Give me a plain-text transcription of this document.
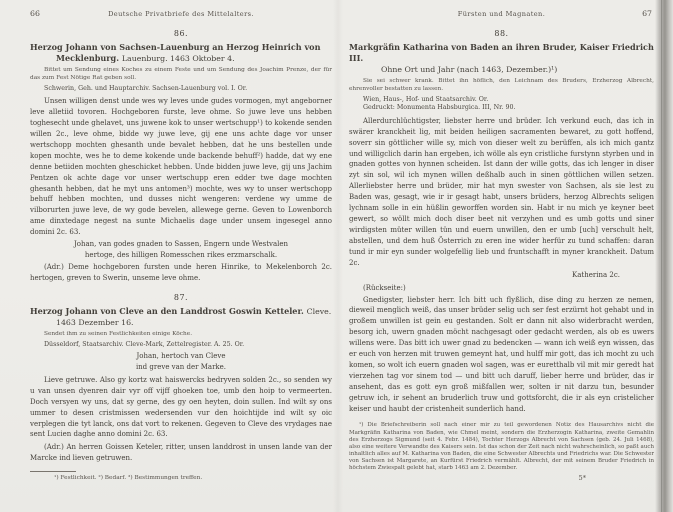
66	Deutsche Privatbriefe des Mittelalters.
86.
Herzog Johann von Sachsen-Lauenburg an Herzog Heinrich von Mecklenburg. Lauenburg. 1463 Oktober 4.
Bittet um Sendung eines Koches zu einem Feste und um Sendung des Joachim Prenze, der für das zum Fest Nötige Rat geben soll.
Schwerin, Geh. und Hauptarchiv. Sachsen-Lauenburg vol. I. Or.
Unsen willigen denst unde wes wy leves unde gudes vormogen, myt angeborner leve alletiid tovoren. Hochgeboren furste, leve ohme. So juwe leve uns hebben toghesecht unde ghelavet, uns juwene kok to unser wertschupp¹) to kokende senden willen 2c., leve ohme, bidde wy juwe leve, gij ene uns achte dage vor unser wertschopp mochten ghesanth unde bevalet hebben, dat he uns bestellen unde kopen mochte, wes he to deme kokende unde backende behuff²) hadde, dat wy ene denne betiiden mochten gheschicket hebben. Unde bidden juwe leve, gij uns Jachim Pentzen ok achte dage vor unser wertschupp eren edder twe dage mochten ghesanth hebben, dat he myt uns antomen³) mochte, wes wy to unser wertschopp behuff hebben mochten, und dusses nicht wengeren: verdene wy umme de vilborurten juwe leve, de wy gode bevelen, allewege gerne. Geven to Lowenborch ame dinxtedage negest na sunte Michaelis dage under unsem ingesegel anno domini 2c. 63.
Johan, van godes gnaden to Sassen, Engern unde Westvalen
hertoge, des hilligen Romesschen rikes erzmarschalk.
(Adr.) Deme hochgeboren fursten unde heren Hinrike, to Mekelenborch 2c. hertogen, greven to Swerin, unseme leve ohme.
87.
Herzog Johann von Cleve an den Landdrost Goswin Ketteler. Cleve. 1463 Dezember 16.
Sendet ihm zu seinen Festlichkeiten einige Köche.
Düsseldorf, Staatsarchiv. Cleve-Mark, Zettelregister. A. 25. Or.
Johan, hertoch van Cleve
ind greve van der Marke.
Lieve getruwe. Also gy kortz wat haiswercks bedryven solden 2c., so senden wy u van unsen dyenren dair vyr off vijff ghoeken toe, umb den hoip to vermeerten. Doch versyen wy uns, dat sy gerne, des gy oen heyten, doin sullen. Ind wilt sy ons ummer to desen cristmissen wedersenden vur den hoichtijde ind wilt sy oic verplegen die tyt lanck, ons dat vort to rekenen. Gegeven to Cleve des vrydages nae sent Lucien daghe anno domini 2c. 63.
(Adr.) An herren Goissen Keteler, ritter, unsen landdrost in unsen lande van der Marcke ind lieven getruwen.
¹) Festlichkeit. ²) Bedarf. ³) Bestimmungen treffen.
Fürsten und Magnaten.	67
88.
Markgräfin Katharina von Baden an ihren Bruder, Kaiser Friedrich III.
Ohne Ort und Jahr (nach 1463, Dezember.)¹)
Sie sei schwer krank. Bittet ihn höflich, den Leichnam des Bruders, Erzherzog Albrecht, ehrenvoller bestatten zu lassen.
Wien, Haus-, Hof- und Staatsarchiv. Or.
Gedruckt: Monumenta Habsburgica. III, Nr. 90.
Allerdurchlüchtigster, liebster herre und brüder. Ich verkund euch, das ich in swärer kranckheit lig, mit beiden heiligen sacramenten bewaret, zu gott hoffend, soverr sin göttlicher wille sy, mich von dieser welt zu berüffen, als ich mich gantz und willigclich darin han ergeben, ich wölle als eyn cristliche furstynn styrben und in gnaden gottes von hynnen scheiden. Ist dann der wille gotts, das ich lenger in diser zyt sin sol, wil ich mynen willen deßhalb auch in sinen göttlichen willen setzen. Allerliebster herre und brüder, mir hat myn swester von Sachsen, als sie lest zu Baden was, gesagt, wie ir ir gesagt habt, unsers brüders, herzog Albrechts seligen lychnam solle in ein hüßlin geworffen worden sin. Habt ir nu mich ye keyner beet gewert, so wöllt mich doch diser beet nit verzyhen und es umb gotts und siner wirdigsten müter willen tün und euern unwillen, den er umb [uch] verschult helt, abstellen, und dem huß Österrich zu eren ine wider herfür zu tund schaffen: daran tund ir mir eyn sunder wolgefellig lieb und fruntschafft in myner kranckheit. Datum 2c.
Katherina 2c.
(Rückseite:)
Gnedigster, liebster herr. Ich bitt uch flyßlich, dise ding zu herzen ze nemen, dieweil menglich weiß, das unser brüder selig uch ser fest erzürnt hot gehabt und in großem unwillen ist gein eu gestanden. Solt er dann nit also widerbracht werden, besorg ich, uwern gnaden möcht nachgesagt oder gedacht werden, als ob es uwers willens were. Das bitt ich uwer gnad zu bedencken — wann ich weiß eyn wissen, das er euch von herzen mit truwen gemeynt hat, und hulff mir gott, das ich mocht zu uch komen, so wolt ich euern gnaden wol sagen, was er euretthalb vil mit mir geredt hat vierzehen tag vor sinem tod — und bitt uch daruff, lieber herre und brüder, das ir ansehent, das es gott eyn groß mißfallen wer, solten ir nit darzu tun, besunder getruw ich, ir sehent an bruderlich truw und gottsforcht, die ir als eyn cristelicher keiser und haubt der cristenheit sunderlich hand.
¹) Die Briefschreiberin soll nach einer mir zu teil gewordenen Notiz des Hausarchivs nicht die Markgräfin Katharina von Baden, wie Chmel meint, sondern die Erzherzogin Katharina, zweite Gemahlin des Erzherzogs Sigmund (seit 4. Febr. 1484), Tochter Herzogs Albrecht von Sachsen (geb. 24. Juli 1468), also eine weitere Verwandte des Kaisers sein. Ist das schon der Zeit nach nicht wahrscheinlich, so paßt auch inhaltlich alles auf M. Katharina von Baden, die eine Schwester Albrechts und Friedrichs war. Die Schwester von Sachsen ist Margarete, an Kurfürst Friedrich vermählt. Albrecht, der mit seinem Bruder Friedrich in höchstem Zwiespalt gelebt hat, starb 1463 am 2. Dezember.
5*
